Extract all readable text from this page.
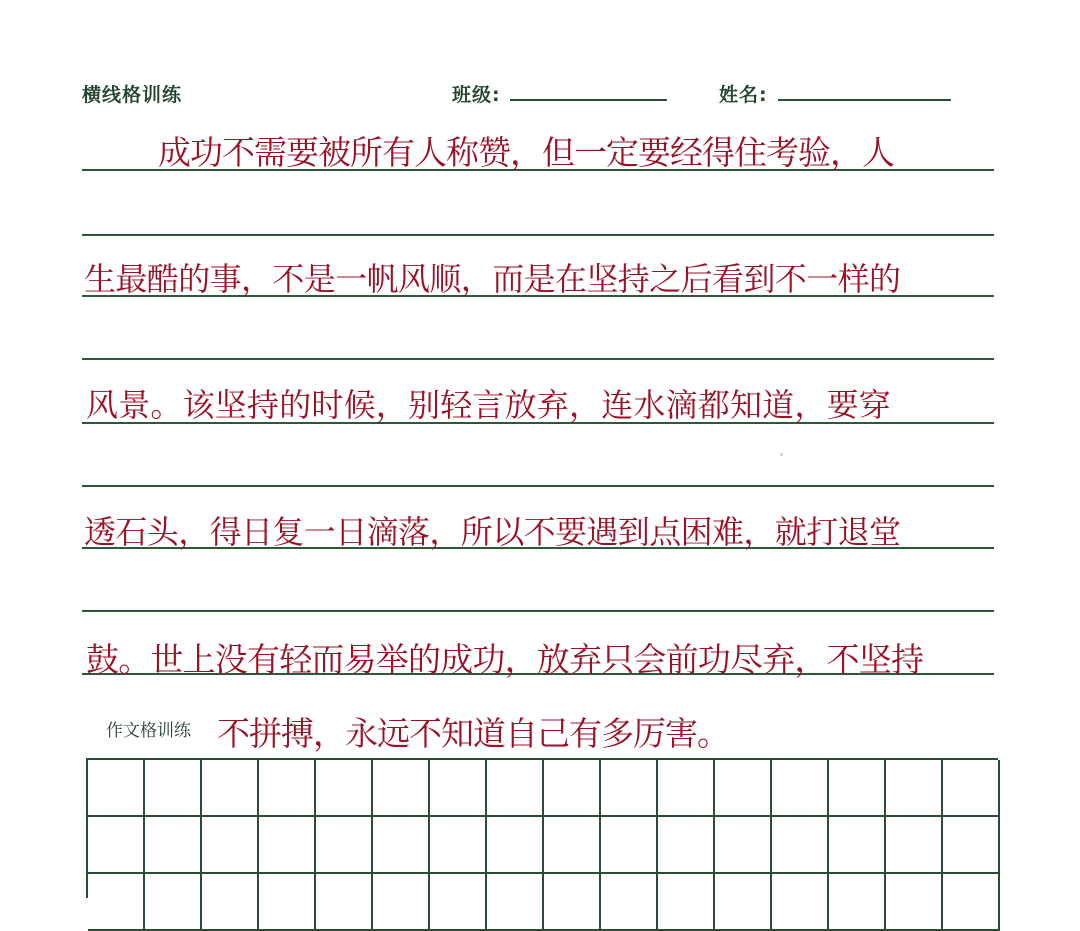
横线格训练	班级:	姓名:
成功不需要被所有人称赞，但一定要经得住考验，人
生最酷的事，不是一帆风顺，而是在坚持之后看到不一样的
风景。该坚持的时候，别轻言放弃，连水滴都知道，要穿
透石头，得日复一日滴落，所以不要遇到点困难，就打退堂
鼓。世上没有轻而易举的成功，放弃只会前功尽弃，不坚持
作文格训练 不拼搏，永远不知道自己有多厉害。
